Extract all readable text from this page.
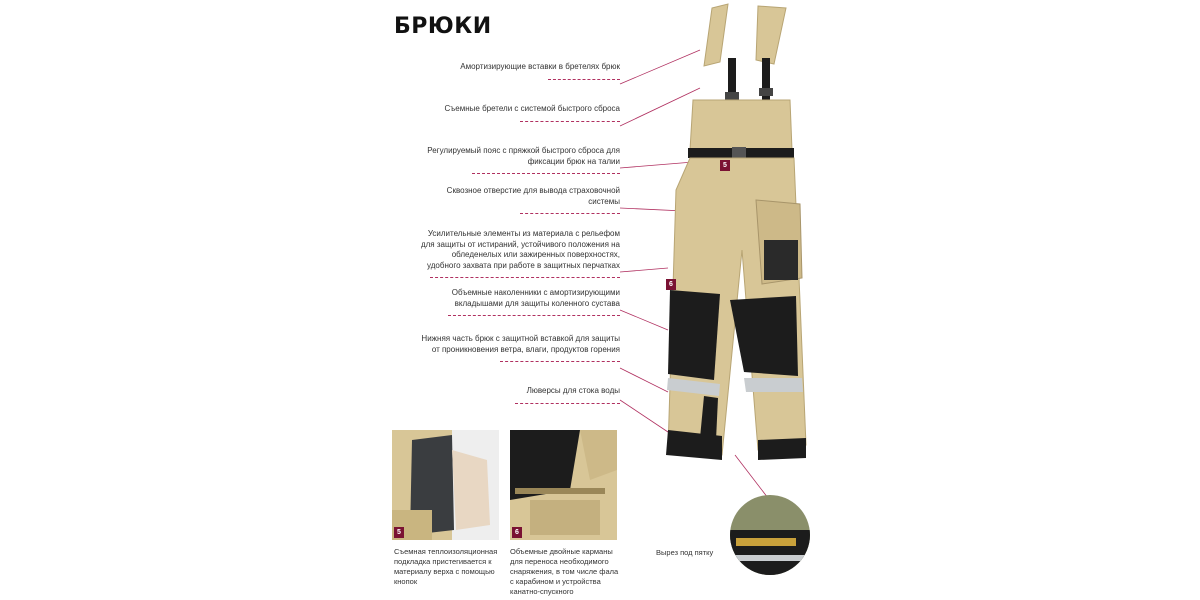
БРЮКИ
Амортизирующие вставки в бретелях брюк
Съемные бретели с системой быстрого сброса
Регулируемый пояс с пряжкой быстрого сброса для фиксации брюк на талии
Сквозное отверстие для вывода страховочной системы
Усилительные элементы из материала с рельефом для защиты от истираний, устойчивого положения на обледенелых или зажиренных поверхностях, удобного захвата при работе в защитных перчатках
Объемные наколенники с амортизирующими вкладышами для защиты коленного сустава
Нижняя часть брюк с защитной вставкой для защиты от проникновения ветра, влаги, продуктов горения
Люверсы для стока воды
5
6
5	6
Съемная теплоизоляционная подкладка пристегивается к материалу верха с помощью кнопок
Объемные двойные карманы для переноса необходимого снаряжения, в том числе фала с карабином и устройства канатно-спускного
Вырез под пятку
